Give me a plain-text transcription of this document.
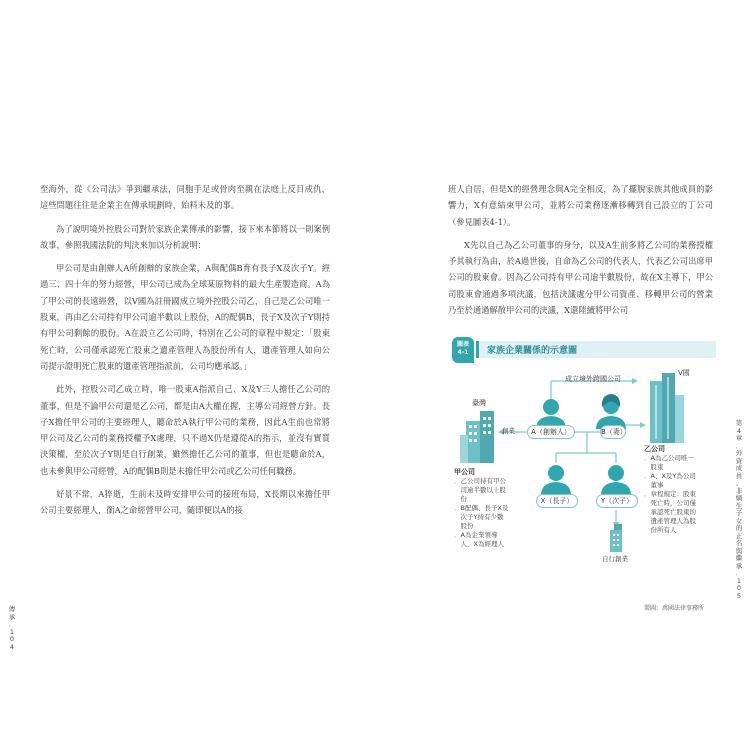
至海外，從《公司法》爭到繼承法，同胞手足或骨肉至親在法庭上反目成仇，這些問題往往是企業主在傳承規劃時，始料未及的事。

為了說明境外控股公司對於家族企業傳承的影響，接下來本節將以一則案例故事，參照我國法院的判決來加以分析說明：

甲公司是由創辦人A所創辦的家族企業，A與配偶B育有長子X及次子Y。經過三、四十年的努力經營，甲公司已成為全球某原物料的最大生產製造商。A為了甲公司的長遠經營，以V國為註冊國成立境外控股公司乙，自己是乙公司唯一股東，再由乙公司持有甲公司逾半數以上股份，A的配偶B，長子X及次子Y則持有甲公司剩餘的股份。A在設立乙公司時，特別在乙公司的章程中規定：「股東死亡時，公司僅承認死亡股東之遺產管理人為股份所有人，遺產管理人如向公司提示證明死亡股東的遺產管理指派前，公司均應承認。」

此外，控股公司乙成立時，唯一股東A指派自己、X及Y三人擔任乙公司的董事，但是不論甲公司還是乙公司，都是由A大權在握，主導公司經營方針。長子X擔任甲公司的主要經理人，聽命於A執行甲公司的業務，因此A生前也常將甲公司及乙公司的業務授權予X處理，只不過X仍是遵從A的指示，並沒有實質決策權，至於次子Y則是自行創業，雖然擔任乙公司的董事，但也是聽命於A，也未參與甲公司經營，A的配偶B則是未擔任甲公司或乙公司任何職務。

好景不常，A猝逝，生前未及時安排甲公司的接班布局，X長期以來擔任甲公司主要經理人，銜A之命經營甲公司，隨即便以A的接

班人自居，但是X的經營理念與A完全相反，為了擺脫家族其他成員的影響力，X有意結束甲公司，並將公司業務逐漸移轉到自己設立的丁公司（參見圖表4-1）。

X先以自己為乙公司董事的身分，以及A生前多將乙公司的業務授權予其執行為由，於A過世後，自命為乙公司的代表人，代表乙公司出席甲公司的股東會。因為乙公司持有甲公司逾半數股份，故在X主導下，甲公司股東會通過多項決議，包括決議處分甲公司資產、移轉甲公司的營業乃至於通過解散甲公司的決議，X還陸續將甲公司

圖表
4-1	家族企業關係的示意圖
成立境外跨國公司
V國
臺灣
創業	A（創辦人）	B（妻）
X（長子）	Y（次子）
自行創業
甲公司
．乙公司持有甲公
　司逾半數以上股
　份
．B配偶、長子X及
　次子Y持有少數
　股份
．A為企業領導
　人，X為經理人
乙公司
．A為乙公司唯一
　股東
．A、X及Y為公司
　董事
．章程規定：股東
　死亡時，公司僅
　承認死亡股東的
　遺產管理人為股
　份所有人
製圖：萬國法律事務所
傳
承
．
1
0
4
第
4
章
．
外
資
成
員
、
非
嫡
生
子
女
的
正
名
與
繼
承
．
1
0
5
